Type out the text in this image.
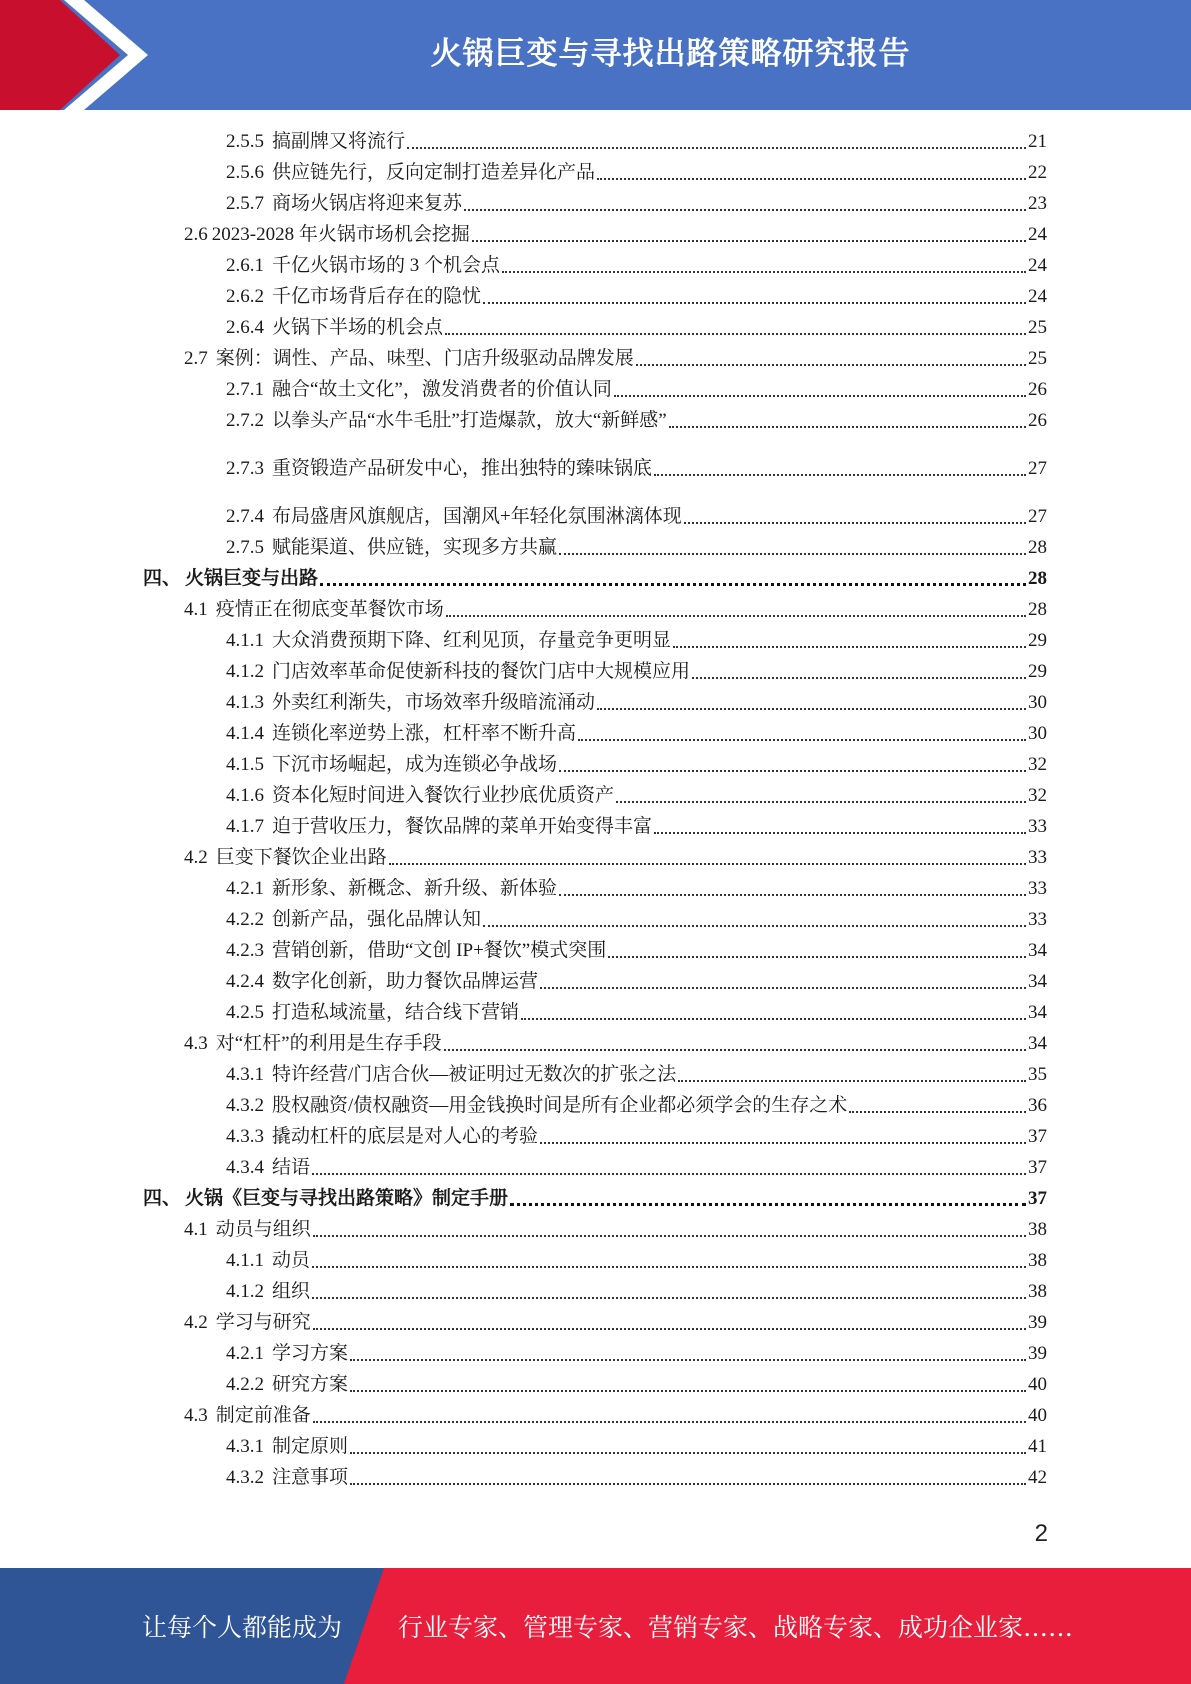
火锅巨变与寻找出路策略研究报告
2.5.5 搞副牌又将流行	21
2.5.6 供应链先行，反向定制打造差异化产品	22
2.5.7 商场火锅店将迎来复苏	23
2.6 2023-2028 年火锅市场机会挖掘	24
2.6.1 千亿火锅市场的 3 个机会点	24
2.6.2 千亿市场背后存在的隐忧	24
2.6.4 火锅下半场的机会点	25
2.7 案例：调性、产品、味型、门店升级驱动品牌发展	25
2.7.1 融合“故土文化”，激发消费者的价值认同	26
2.7.2 以拳头产品“水牛毛肚”打造爆款，放大“新鲜感”	26
2.7.3 重资锻造产品研发中心，推出独特的臻味锅底	27
2.7.4 布局盛唐风旗舰店，国潮风+年轻化氛围淋漓体现	27
2.7.5 赋能渠道、供应链，实现多方共赢	28
四、 火锅巨变与出路	28
4.1 疫情正在彻底变革餐饮市场	28
4.1.1 大众消费预期下降、红利见顶，存量竞争更明显	29
4.1.2 门店效率革命促使新科技的餐饮门店中大规模应用	29
4.1.3 外卖红利渐失，市场效率升级暗流涌动	30
4.1.4 连锁化率逆势上涨，杠杆率不断升高	30
4.1.5 下沉市场崛起，成为连锁必争战场	32
4.1.6 资本化短时间进入餐饮行业抄底优质资产	32
4.1.7 迫于营收压力，餐饮品牌的菜单开始变得丰富	33
4.2 巨变下餐饮企业出路	33
4.2.1 新形象、新概念、新升级、新体验	33
4.2.2 创新产品，强化品牌认知	33
4.2.3 营销创新，借助“文创 IP+餐饮”模式突围	34
4.2.4 数字化创新，助力餐饮品牌运营	34
4.2.5 打造私域流量，结合线下营销	34
4.3 对“杠杆”的利用是生存手段	34
4.3.1 特许经营/门店合伙—被证明过无数次的扩张之法	35
4.3.2 股权融资/债权融资—用金钱换时间是所有企业都必须学会的生存之术	36
4.3.3 撬动杠杆的底层是对人心的考验	37
4.3.4 结语	37
四、 火锅《巨变与寻找出路策略》制定手册	37
4.1 动员与组织	38
4.1.1 动员	38
4.1.2 组织	38
4.2 学习与研究	39
4.2.1 学习方案	39
4.2.2 研究方案	40
4.3 制定前准备	40
4.3.1 制定原则	41
4.3.2 注意事项	42
2
让每个人都能成为 行业专家、管理专家、营销专家、战略专家、成功企业家……
